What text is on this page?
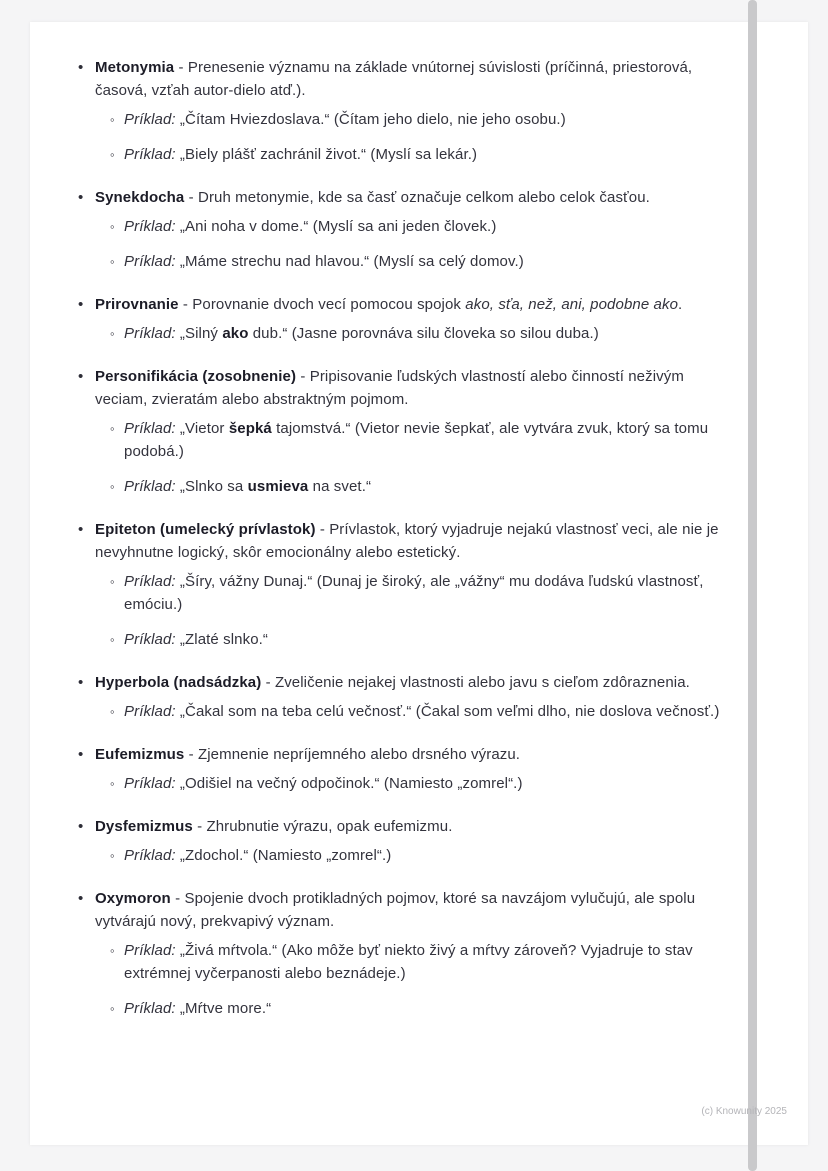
• Metonymia - Prenesenie významu na základe vnútornej súvislosti (príčinná, priestorová, časová, vzťah autor-dielo atď.).

◦ Príklad: „Čítam Hviezdoslava.“ (Čítam jeho dielo, nie jeho osobu.)

◦ Príklad: „Biely plášť zachránil život.“ (Myslí sa lekár.)

• Synekdocha - Druh metonymie, kde sa časť označuje celkom alebo celok časťou.

◦ Príklad: „Ani noha v dome.“ (Myslí sa ani jeden človek.)

◦ Príklad: „Máme strechu nad hlavou.“ (Myslí sa celý domov.)

• Prirovnanie - Porovnanie dvoch vecí pomocou spojok ako, sťa, než, ani, podobne ako.

◦ Príklad: „Silný ako dub.“ (Jasne porovnáva silu človeka so silou duba.)

• Personifikácia (zosobnenie) - Pripisovanie ľudských vlastností alebo činností neživým veciam, zvieratám alebo abstraktným pojmom.

◦ Príklad: „Vietor šepká tajomstvá.“ (Vietor nevie šepkať, ale vytvára zvuk, ktorý sa tomu podobá.)

◦ Príklad: „Slnko sa usmieva na svet.“

• Epiteton (umelecký prívlastok) - Prívlastok, ktorý vyjadruje nejakú vlastnosť veci, ale nie je nevyhnutne logický, skôr emocionálny alebo estetický.

◦ Príklad: „Šíry, vážny Dunaj.“ (Dunaj je široký, ale „vážny“ mu dodáva ľudskú vlastnosť, emóciu.)

◦ Príklad: „Zlaté slnko.“

• Hyperbola (nadsádzka) - Zveličenie nejakej vlastnosti alebo javu s cieľom zdôraznenia.

◦ Príklad: „Čakal som na teba celú večnosť.“ (Čakal som veľmi dlho, nie doslova večnosť.)

• Eufemizmus - Zjemnenie nepríjemného alebo drsného výrazu.

◦ Príklad: „Odišiel na večný odpočinok.“ (Namiesto „zomrel“.)

• Dysfemizmus - Zhrubnutie výrazu, opak eufemizmu.

◦ Príklad: „Zdochol.“ (Namiesto „zomrel“.)

• Oxymoron - Spojenie dvoch protikladných pojmov, ktoré sa navzájom vylučujú, ale spolu vytvárajú nový, prekvapivý význam.

◦ Príklad: „Živá mŕtvola.“ (Ako môže byť niekto živý a mŕtvy zároveň? Vyjadruje to stav extrémnej vyčerpanosti alebo beznádeje.)

◦ Príklad: „Mŕtve more.“

(c) Knowunity 2025
